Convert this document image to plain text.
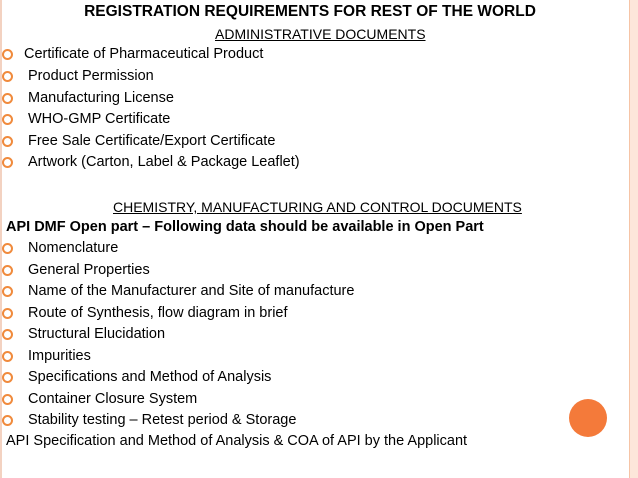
REGISTRATION REQUIREMENTS FOR REST OF THE WORLD
ADMINISTRATIVE DOCUMENTS
Certificate of Pharmaceutical Product
Product Permission
Manufacturing License
WHO-GMP Certificate
Free Sale Certificate/Export Certificate
Artwork (Carton, Label & Package Leaflet)
CHEMISTRY, MANUFACTURING AND CONTROL DOCUMENTS
API DMF Open part – Following data should be available in Open Part
Nomenclature
General Properties
Name of the Manufacturer and Site of manufacture
Route of Synthesis, flow diagram in brief
Structural Elucidation
Impurities
Specifications and Method of Analysis
Container Closure System
Stability testing – Retest period & Storage
API Specification and Method of Analysis & COA of API by the Applicant
